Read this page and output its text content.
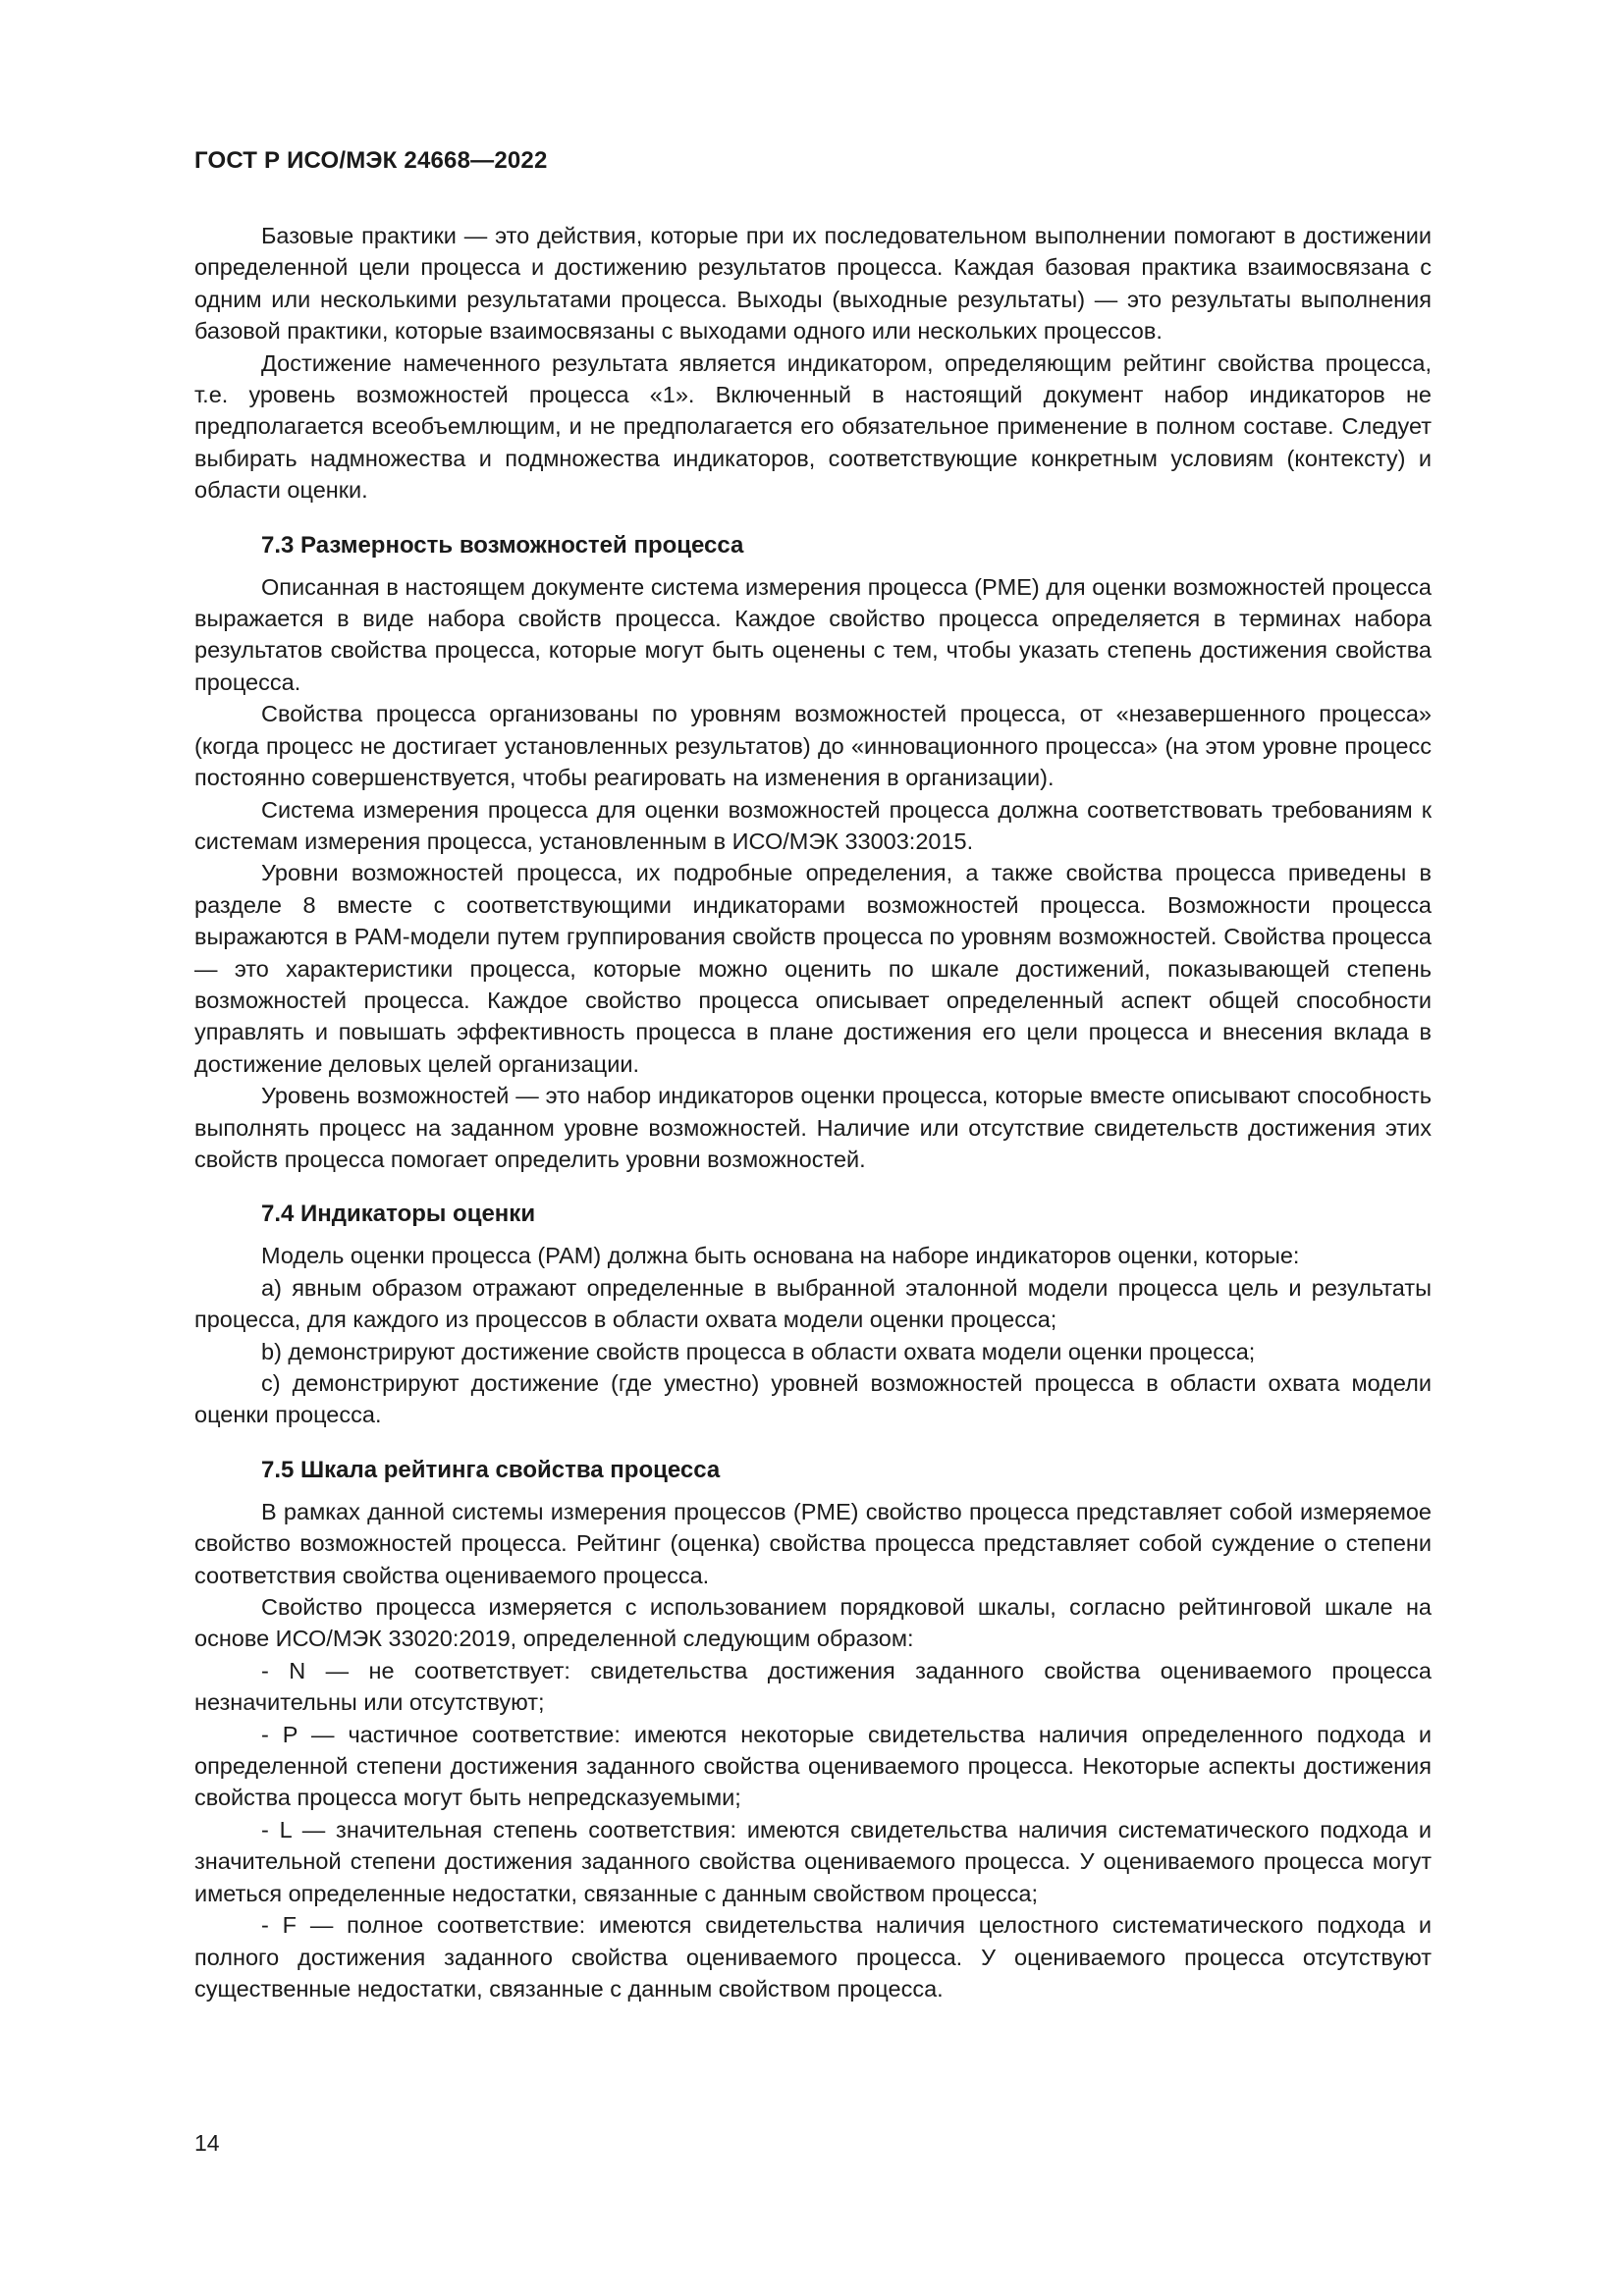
ГОСТ Р ИСО/МЭК 24668—2022

Базовые практики — это действия, которые при их последовательном выполнении помогают в достижении определенной цели процесса и достижению результатов процесса. Каждая базовая практика взаимосвязана с одним или несколькими результатами процесса. Выходы (выходные результаты) — это результаты выполнения базовой практики, которые взаимосвязаны с выходами одного или нескольких процессов.

Достижение намеченного результата является индикатором, определяющим рейтинг свойства процесса, т.е. уровень возможностей процесса «1». Включенный в настоящий документ набор индикаторов не предполагается всеобъемлющим, и не предполагается его обязательное применение в полном составе. Следует выбирать надмножества и подмножества индикаторов, соответствующие конкретным условиям (контексту) и области оценки.

7.3 Размерность возможностей процесса

Описанная в настоящем документе система измерения процесса (PME) для оценки возможностей процесса выражается в виде набора свойств процесса. Каждое свойство процесса определяется в терминах набора результатов свойства процесса, которые могут быть оценены с тем, чтобы указать степень достижения свойства процесса.

Свойства процесса организованы по уровням возможностей процесса, от «незавершенного процесса» (когда процесс не достигает установленных результатов) до «инновационного процесса» (на этом уровне процесс постоянно совершенствуется, чтобы реагировать на изменения в организации).

Система измерения процесса для оценки возможностей процесса должна соответствовать требованиям к системам измерения процесса, установленным в ИСО/МЭК 33003:2015.

Уровни возможностей процесса, их подробные определения, а также свойства процесса приведены в разделе 8 вместе с соответствующими индикаторами возможностей процесса. Возможности процесса выражаются в PAM-модели путем группирования свойств процесса по уровням возможностей. Свойства процесса — это характеристики процесса, которые можно оценить по шкале достижений, показывающей степень возможностей процесса. Каждое свойство процесса описывает определенный аспект общей способности управлять и повышать эффективность процесса в плане достижения его цели процесса и внесения вклада в достижение деловых целей организации.

Уровень возможностей — это набор индикаторов оценки процесса, которые вместе описывают способность выполнять процесс на заданном уровне возможностей. Наличие или отсутствие свидетельств достижения этих свойств процесса помогает определить уровни возможностей.

7.4 Индикаторы оценки

Модель оценки процесса (PAM) должна быть основана на наборе индикаторов оценки, которые:

a) явным образом отражают определенные в выбранной эталонной модели процесса цель и результаты процесса, для каждого из процессов в области охвата модели оценки процесса;

b) демонстрируют достижение свойств процесса в области охвата модели оценки процесса;

c) демонстрируют достижение (где уместно) уровней возможностей процесса в области охвата модели оценки процесса.

7.5 Шкала рейтинга свойства процесса

В рамках данной системы измерения процессов (PME) свойство процесса представляет собой измеряемое свойство возможностей процесса. Рейтинг (оценка) свойства процесса представляет собой суждение о степени соответствия свойства оцениваемого процесса.

Свойство процесса измеряется с использованием порядковой шкалы, согласно рейтинговой шкале на основе ИСО/МЭК 33020:2019, определенной следующим образом:

- N — не соответствует: свидетельства достижения заданного свойства оцениваемого процесса незначительны или отсутствуют;

- P — частичное соответствие: имеются некоторые свидетельства наличия определенного подхода и определенной степени достижения заданного свойства оцениваемого процесса. Некоторые аспекты достижения свойства процесса могут быть непредсказуемыми;

- L — значительная степень соответствия: имеются свидетельства наличия систематического подхода и значительной степени достижения заданного свойства оцениваемого процесса. У оцениваемого процесса могут иметься определенные недостатки, связанные с данным свойством процесса;

- F — полное соответствие: имеются свидетельства наличия целостного систематического подхода и полного достижения заданного свойства оцениваемого процесса. У оцениваемого процесса отсутствуют существенные недостатки, связанные с данным свойством процесса.

14
